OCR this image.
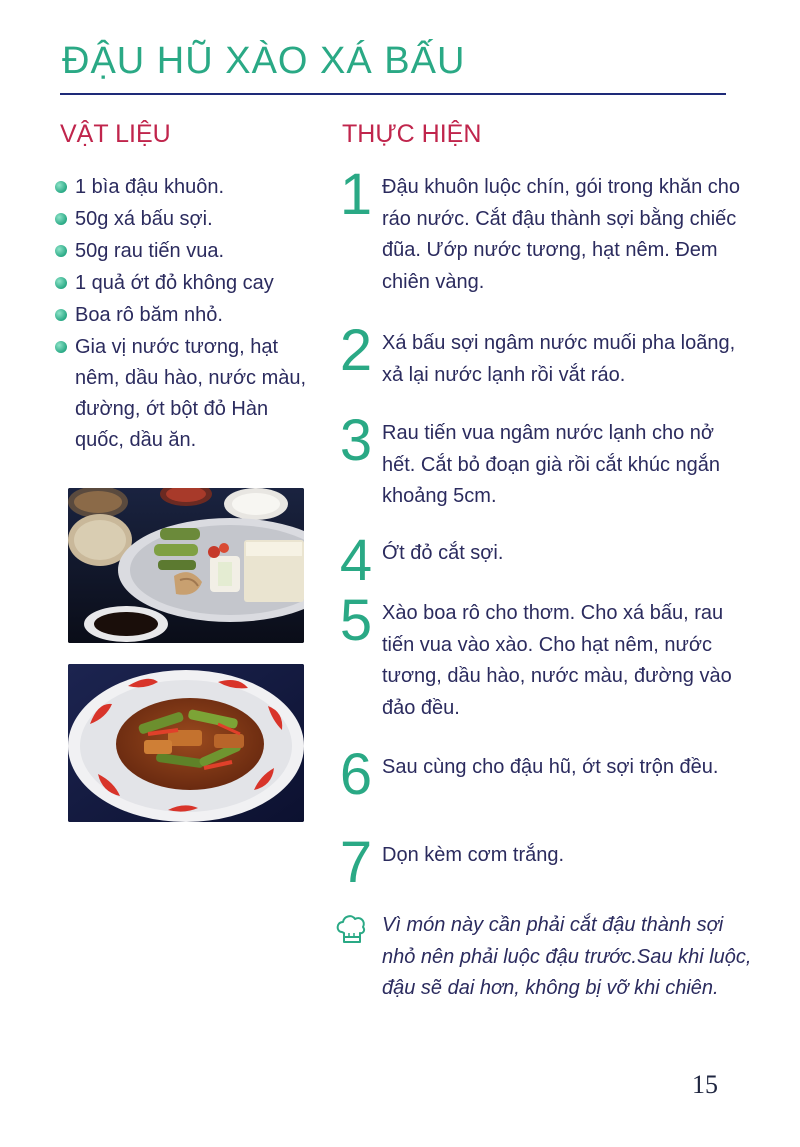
ĐẬU HŨ XÀO XÁ BẤU
VẬT LIỆU	THỰC HIỆN
1 bìa đậu khuôn.
50g xá bấu sợi.
50g rau tiến vua.
1 quả ớt đỏ không cay
Boa rô băm nhỏ.
Gia vị nước tương, hạt nêm, dầu hào, nước màu, đường, ớt bột đỏ Hàn quốc, dầu ăn.
1 Đậu khuôn luộc chín, gói trong khăn cho ráo nước. Cắt đậu thành sợi bằng chiếc đũa. Ướp nước tương, hạt nêm. Đem chiên vàng.
2 Xá bấu sợi ngâm nước muối pha loãng, xả lại nước lạnh rồi vắt ráo.
3 Rau tiến vua ngâm nước lạnh cho nở hết. Cắt bỏ đoạn già rồi cắt khúc ngắn khoảng 5cm.
4 Ớt đỏ cắt sợi.
5 Xào boa rô cho thơm. Cho xá bấu, rau tiến vua vào xào. Cho hạt nêm, nước tương, dầu hào, nước màu, đường vào đảo đều.
6 Sau cùng cho đậu hũ, ớt sợi trộn đều.
7 Dọn kèm cơm trắng.
Vì món này cần phải cắt đậu thành sợi nhỏ nên phải luộc đậu trước.Sau khi luộc, đậu sẽ dai hơn, không bị vỡ khi chiên.
15
